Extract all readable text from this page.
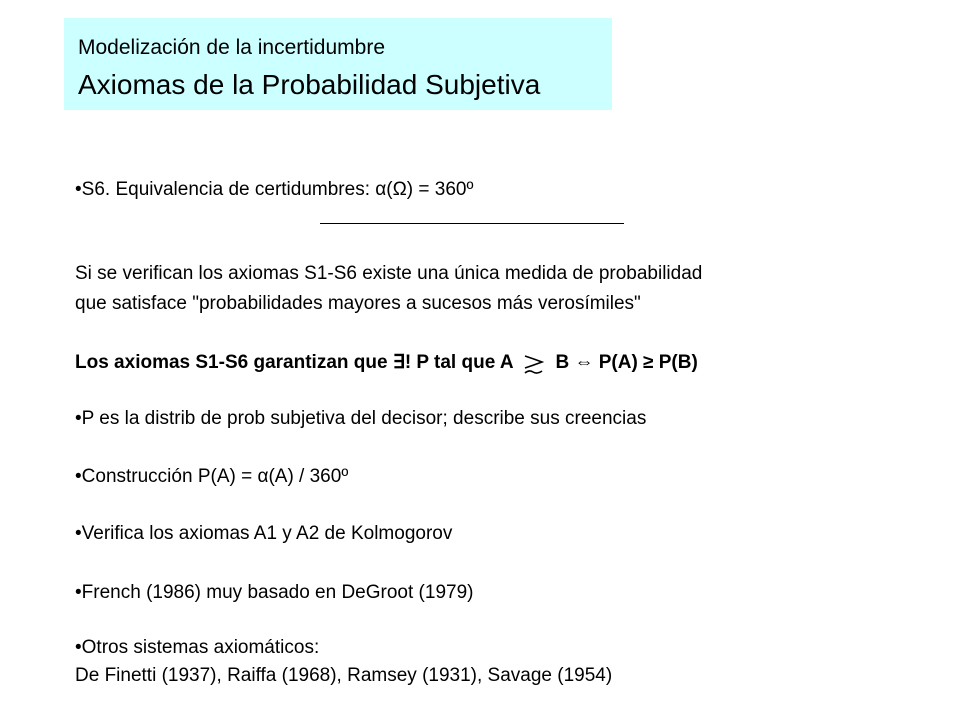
Modelización de la incertidumbre
Axiomas de la Probabilidad Subjetiva
•S6. Equivalencia de certidumbres: α(Ω) = 360º
Si se verifican los axiomas S1-S6 existe una única medida de probabilidad
que satisface "probabilidades mayores a sucesos más verosímiles"
Los axiomas S1-S6 garantizan que ∃! P tal que A B ⇔ P(A) ≥ P(B)
•P es la distrib de prob subjetiva del decisor; describe sus creencias
•Construcción P(A) = α(A) / 360º
•Verifica los axiomas A1 y A2 de Kolmogorov
•French (1986) muy basado en DeGroot (1979)
•Otros sistemas axiomáticos:
De Finetti (1937), Raiffa (1968), Ramsey (1931), Savage (1954)
